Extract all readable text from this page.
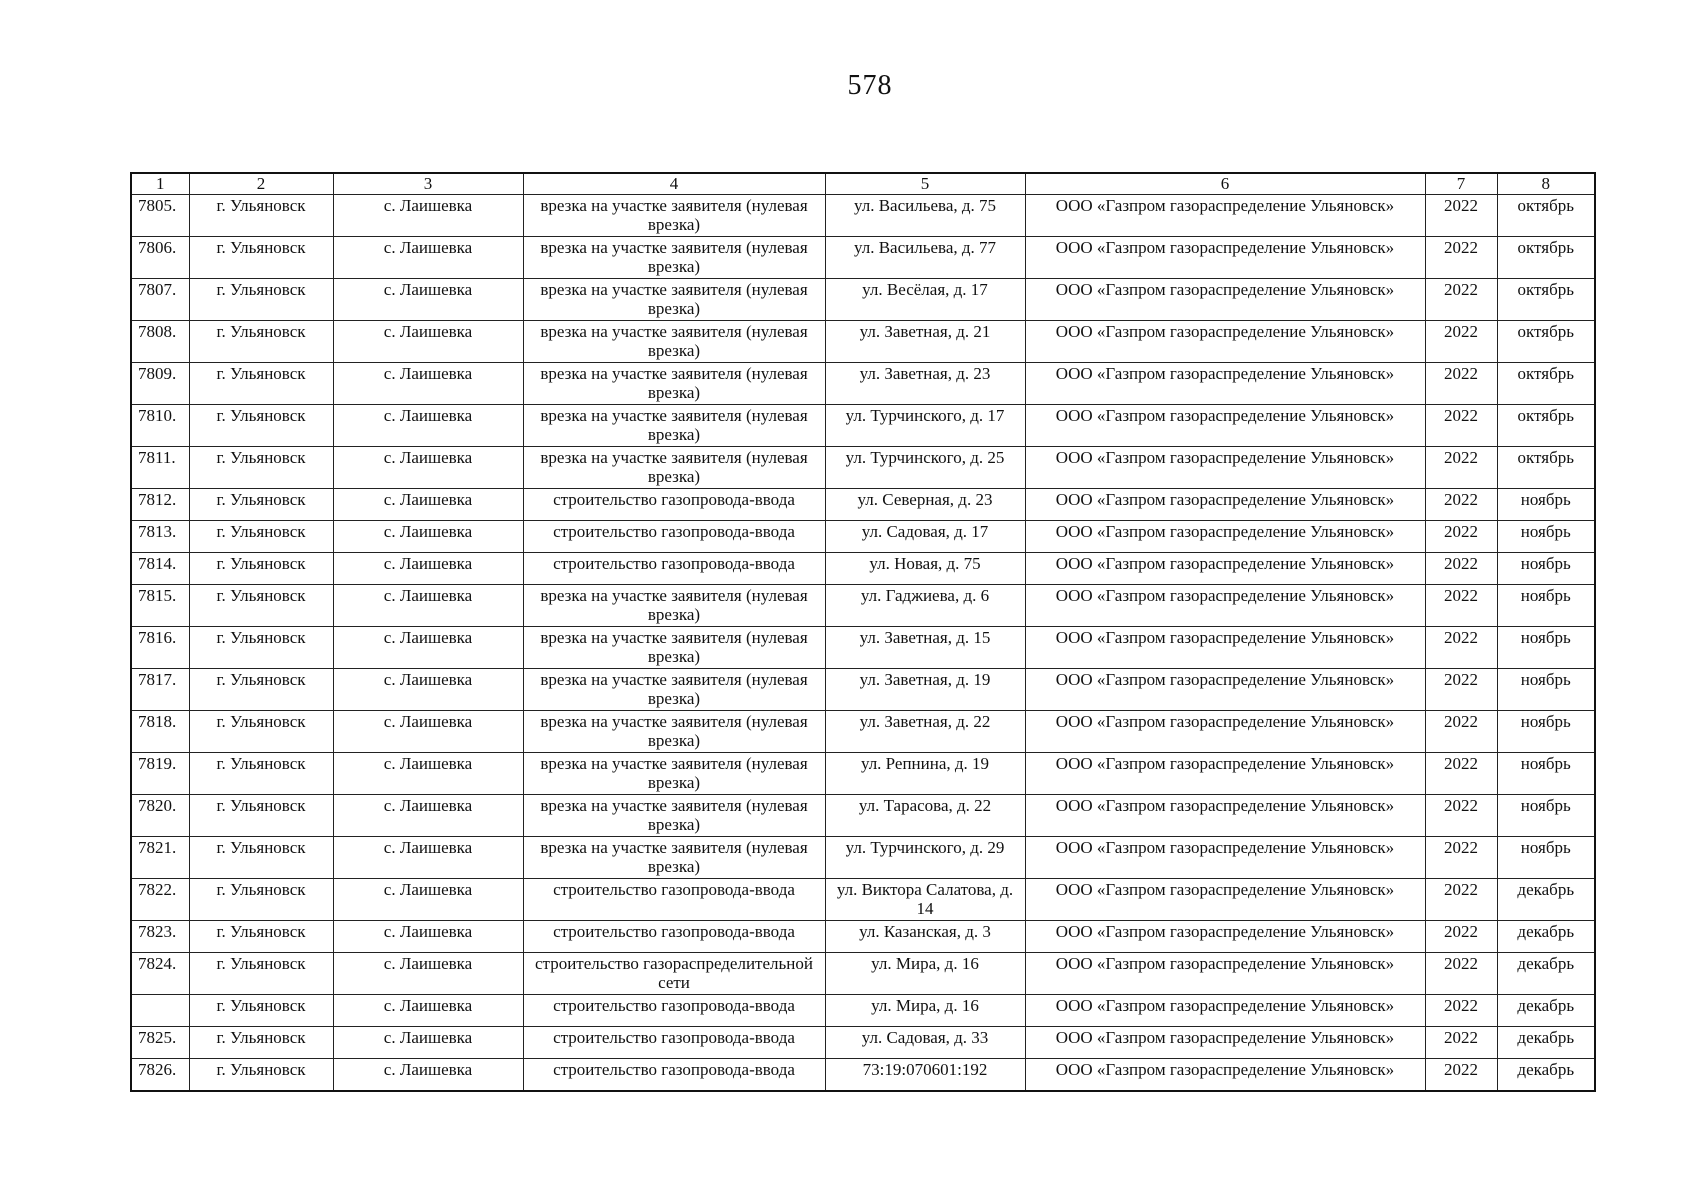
578
1	2	3	4	5	6	7	8
7805.	г. Ульяновск	с. Лаишевка	врезка на участке заявителя (нулевая врезка)	ул. Васильева, д. 75	ООО «Газпром газораспределение Ульяновск»	2022	октябрь
7806.	г. Ульяновск	с. Лаишевка	врезка на участке заявителя (нулевая врезка)	ул. Васильева, д. 77	ООО «Газпром газораспределение Ульяновск»	2022	октябрь
7807.	г. Ульяновск	с. Лаишевка	врезка на участке заявителя (нулевая врезка)	ул. Весёлая, д. 17	ООО «Газпром газораспределение Ульяновск»	2022	октябрь
7808.	г. Ульяновск	с. Лаишевка	врезка на участке заявителя (нулевая врезка)	ул. Заветная, д. 21	ООО «Газпром газораспределение Ульяновск»	2022	октябрь
7809.	г. Ульяновск	с. Лаишевка	врезка на участке заявителя (нулевая врезка)	ул. Заветная, д. 23	ООО «Газпром газораспределение Ульяновск»	2022	октябрь
7810.	г. Ульяновск	с. Лаишевка	врезка на участке заявителя (нулевая врезка)	ул. Турчинского, д. 17	ООО «Газпром газораспределение Ульяновск»	2022	октябрь
7811.	г. Ульяновск	с. Лаишевка	врезка на участке заявителя (нулевая врезка)	ул. Турчинского, д. 25	ООО «Газпром газораспределение Ульяновск»	2022	октябрь
7812.	г. Ульяновск	с. Лаишевка	строительство газопровода-ввода	ул. Северная, д. 23	ООО «Газпром газораспределение Ульяновск»	2022	ноябрь
7813.	г. Ульяновск	с. Лаишевка	строительство газопровода-ввода	ул. Садовая, д. 17	ООО «Газпром газораспределение Ульяновск»	2022	ноябрь
7814.	г. Ульяновск	с. Лаишевка	строительство газопровода-ввода	ул. Новая, д. 75	ООО «Газпром газораспределение Ульяновск»	2022	ноябрь
7815.	г. Ульяновск	с. Лаишевка	врезка на участке заявителя (нулевая врезка)	ул. Гаджиева, д. 6	ООО «Газпром газораспределение Ульяновск»	2022	ноябрь
7816.	г. Ульяновск	с. Лаишевка	врезка на участке заявителя (нулевая врезка)	ул. Заветная, д. 15	ООО «Газпром газораспределение Ульяновск»	2022	ноябрь
7817.	г. Ульяновск	с. Лаишевка	врезка на участке заявителя (нулевая врезка)	ул. Заветная, д. 19	ООО «Газпром газораспределение Ульяновск»	2022	ноябрь
7818.	г. Ульяновск	с. Лаишевка	врезка на участке заявителя (нулевая врезка)	ул. Заветная, д. 22	ООО «Газпром газораспределение Ульяновск»	2022	ноябрь
7819.	г. Ульяновск	с. Лаишевка	врезка на участке заявителя (нулевая врезка)	ул. Репнина, д. 19	ООО «Газпром газораспределение Ульяновск»	2022	ноябрь
7820.	г. Ульяновск	с. Лаишевка	врезка на участке заявителя (нулевая врезка)	ул. Тарасова, д. 22	ООО «Газпром газораспределение Ульяновск»	2022	ноябрь
7821.	г. Ульяновск	с. Лаишевка	врезка на участке заявителя (нулевая врезка)	ул. Турчинского, д. 29	ООО «Газпром газораспределение Ульяновск»	2022	ноябрь
7822.	г. Ульяновск	с. Лаишевка	строительство газопровода-ввода	ул. Виктора Салатова, д. 14	ООО «Газпром газораспределение Ульяновск»	2022	декабрь
7823.	г. Ульяновск	с. Лаишевка	строительство газопровода-ввода	ул. Казанская, д. 3	ООО «Газпром газораспределение Ульяновск»	2022	декабрь
7824.	г. Ульяновск	с. Лаишевка	строительство газораспределительной сети	ул. Мира, д. 16	ООО «Газпром газораспределение Ульяновск»	2022	декабрь
	г. Ульяновск	с. Лаишевка	строительство газопровода-ввода	ул. Мира, д. 16	ООО «Газпром газораспределение Ульяновск»	2022	декабрь
7825.	г. Ульяновск	с. Лаишевка	строительство газопровода-ввода	ул. Садовая, д. 33	ООО «Газпром газораспределение Ульяновск»	2022	декабрь
7826.	г. Ульяновск	с. Лаишевка	строительство газопровода-ввода	73:19:070601:192	ООО «Газпром газораспределение Ульяновск»	2022	декабрь
